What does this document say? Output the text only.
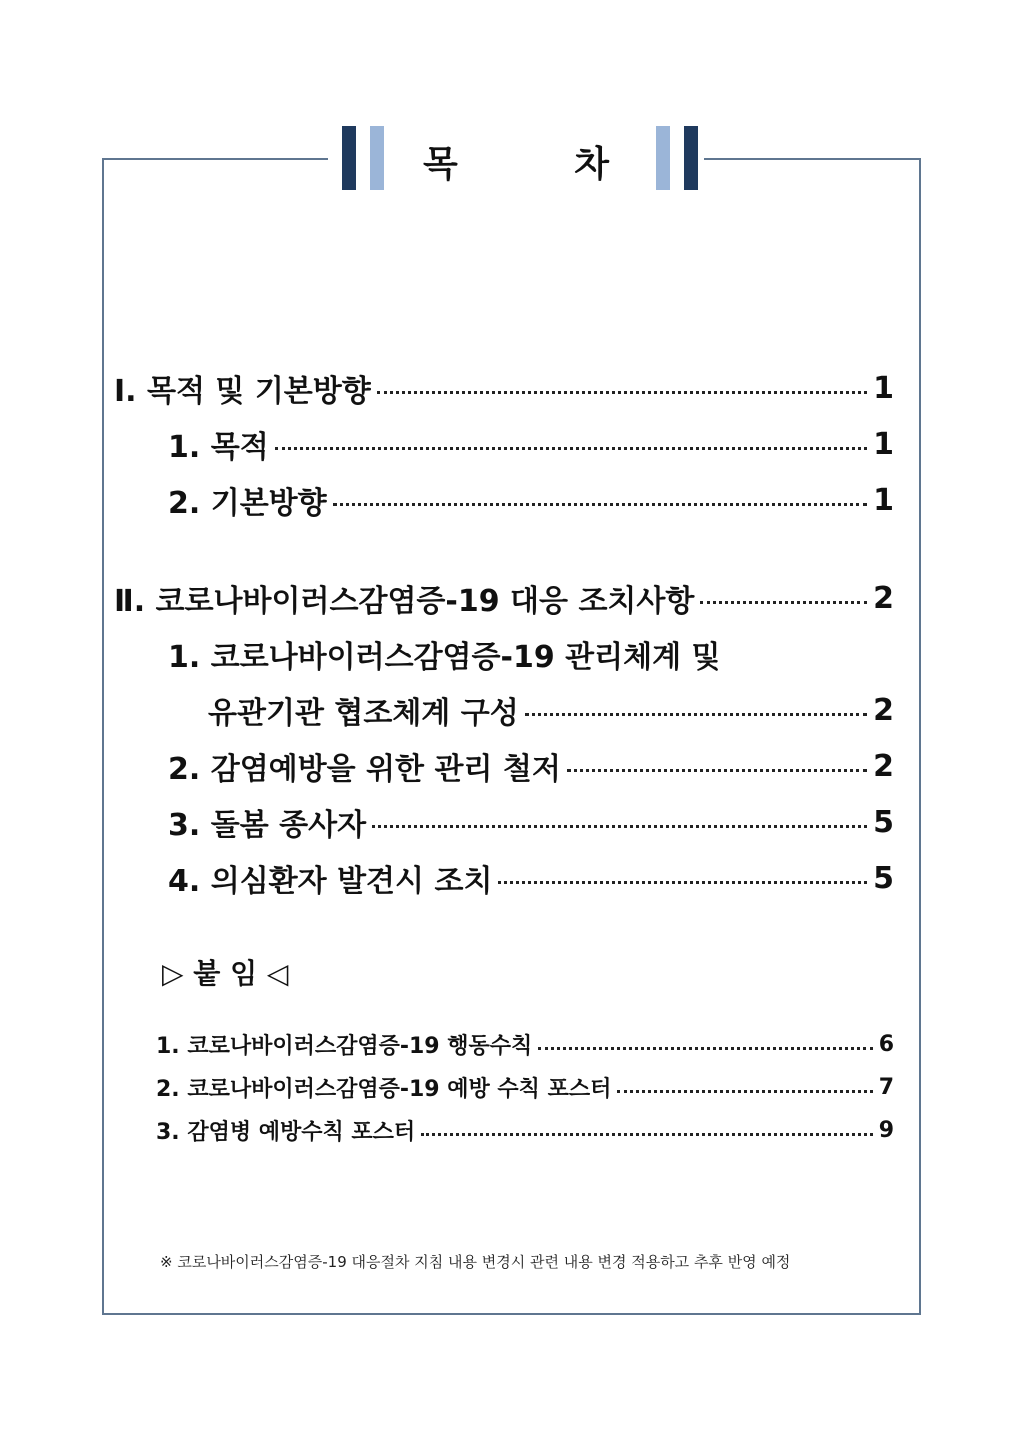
목 차
Ⅰ. 목적 및 기본방향	1
1. 목적	1
2. 기본방향	1
Ⅱ. 코로나바이러스감염증-19 대응 조치사항	2
1. 코로나바이러스감염증-19 관리체계 및
유관기관 협조체계 구성	2
2. 감염예방을 위한 관리 철저	2
3. 돌봄 종사자	5
4. 의심환자 발견시 조치	5
▷ 붙 임 ◁
1. 코로나바이러스감염증-19 행동수칙	6
2. 코로나바이러스감염증-19 예방 수칙 포스터	7
3. 감염병 예방수칙 포스터	9
※ 코로나바이러스감염증-19 대응절차 지침 내용 변경시 관련 내용 변경 적용하고 추후 반영 예정
